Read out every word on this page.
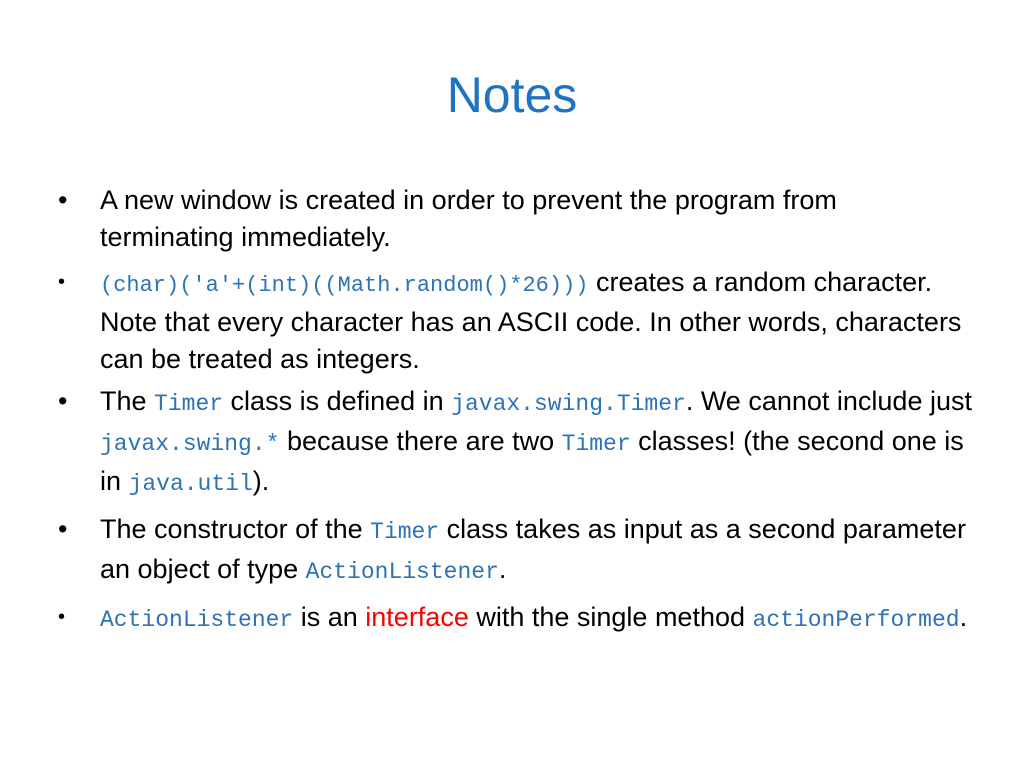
Notes
•	A new window is created in order to prevent the program from terminating immediately.
•	(char)('a'+(int)((Math.random()*26))) creates a random character. Note that every character has an ASCII code. In other words, characters can be treated as integers.
•	The Timer class is defined in javax.swing.Timer. We cannot include just javax.swing.* because there are two Timer classes! (the second one is in java.util).
•	The constructor of the Timer class takes as input as a second parameter an object of type ActionListener.
•	ActionListener is an interface with the single method actionPerformed.
